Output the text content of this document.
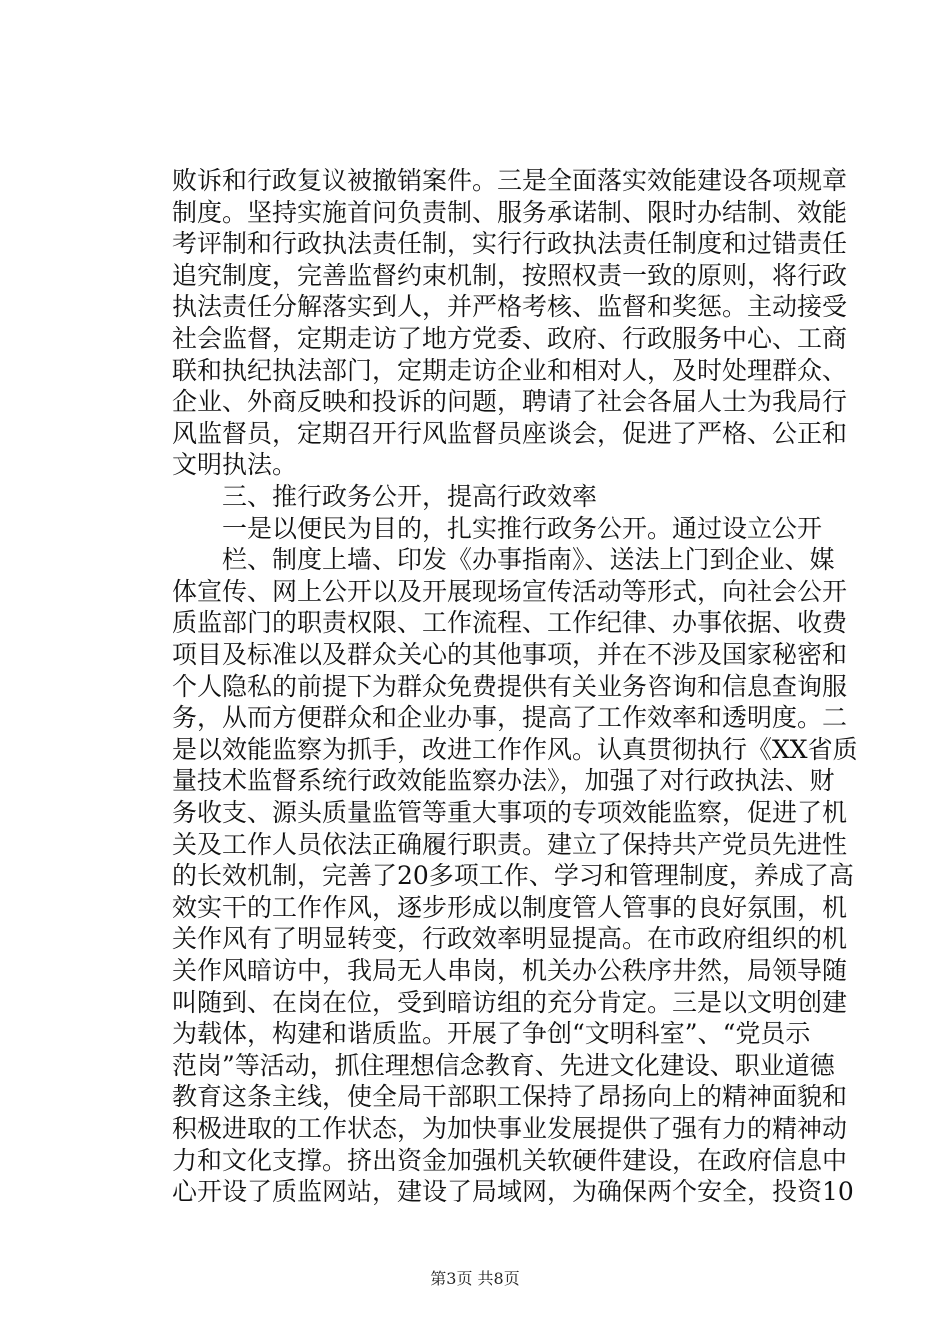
败诉和行政复议被撤销案件。三是全面落实效能建设各项规章
制度。坚持实施首问负责制、服务承诺制、限时办结制、效能
考评制和行政执法责任制，实行行政执法责任制度和过错责任
追究制度，完善监督约束机制，按照权责一致的原则，将行政
执法责任分解落实到人，并严格考核、监督和奖惩。主动接受
社会监督，定期走访了地方党委、政府、行政服务中心、工商
联和执纪执法部门，定期走访企业和相对人，及时处理群众、
企业、外商反映和投诉的问题，聘请了社会各届人士为我局行
风监督员，定期召开行风监督员座谈会，促进了严格、公正和
文明执法。
三、推行政务公开，提高行政效率
一是以便民为目的，扎实推行政务公开。通过设立公开
栏、制度上墙、印发《办事指南》、送法上门到企业、媒
体宣传、网上公开以及开展现场宣传活动等形式，向社会公开
质监部门的职责权限、工作流程、工作纪律、办事依据、收费
项目及标准以及群众关心的其他事项，并在不涉及国家秘密和
个人隐私的前提下为群众免费提供有关业务咨询和信息查询服
务，从而方便群众和企业办事，提高了工作效率和透明度。二
是以效能监察为抓手，改进工作作风。认真贯彻执行《XX省质
量技术监督系统行政效能监察办法》，加强了对行政执法、财
务收支、源头质量监管等重大事项的专项效能监察，促进了机
关及工作人员依法正确履行职责。建立了保持共产党员先进性
的长效机制，完善了20多项工作、学习和管理制度，养成了高
效实干的工作作风，逐步形成以制度管人管事的良好氛围，机
关作风有了明显转变，行政效率明显提高。在市政府组织的机
关作风暗访中，我局无人串岗，机关办公秩序井然，局领导随
叫随到、在岗在位，受到暗访组的充分肯定。三是以文明创建
为载体，构建和谐质监。开展了争创“文明科室”、“党员示
范岗”等活动，抓住理想信念教育、先进文化建设、职业道德
教育这条主线，使全局干部职工保持了昂扬向上的精神面貌和
积极进取的工作状态，为加快事业发展提供了强有力的精神动
力和文化支撑。挤出资金加强机关软硬件建设，在政府信息中
心开设了质监网站，建设了局域网，为确保两个安全，投资10
第3页 共8页
